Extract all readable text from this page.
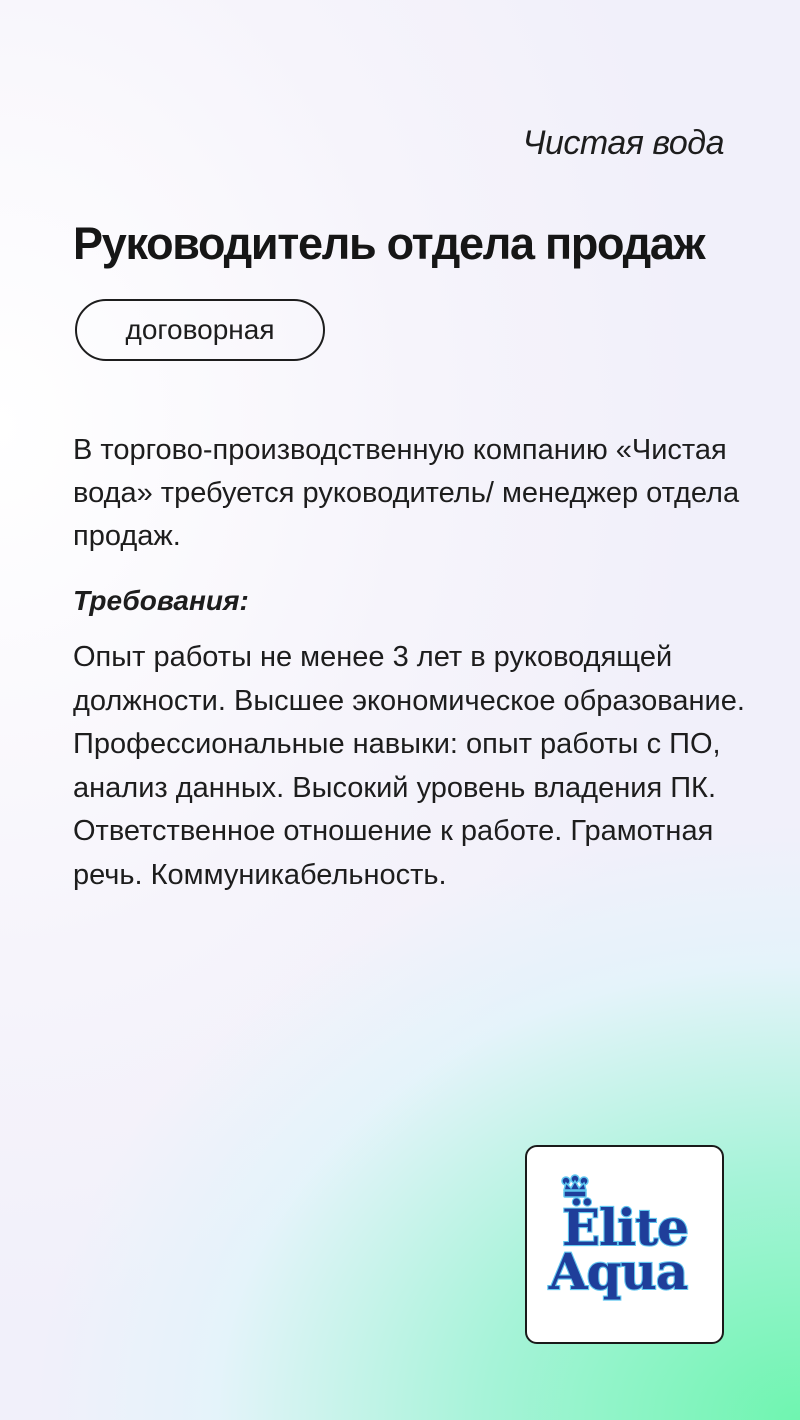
Чистая вода
Руководитель отдела продаж
договорная
В торгово-производственную компанию «Чистая вода» требуется руководитель/ менеджер отдела продаж.
Требования:
Опыт работы не менее 3 лет в руководящей должности. Высшее экономическое образование. Профессиональные навыки: опыт работы с ПО, анализ данных. Высокий уровень владения ПК. Ответственное отношение к работе. Грамотная речь. Коммуникабельность.
Ëlite
Aqua
